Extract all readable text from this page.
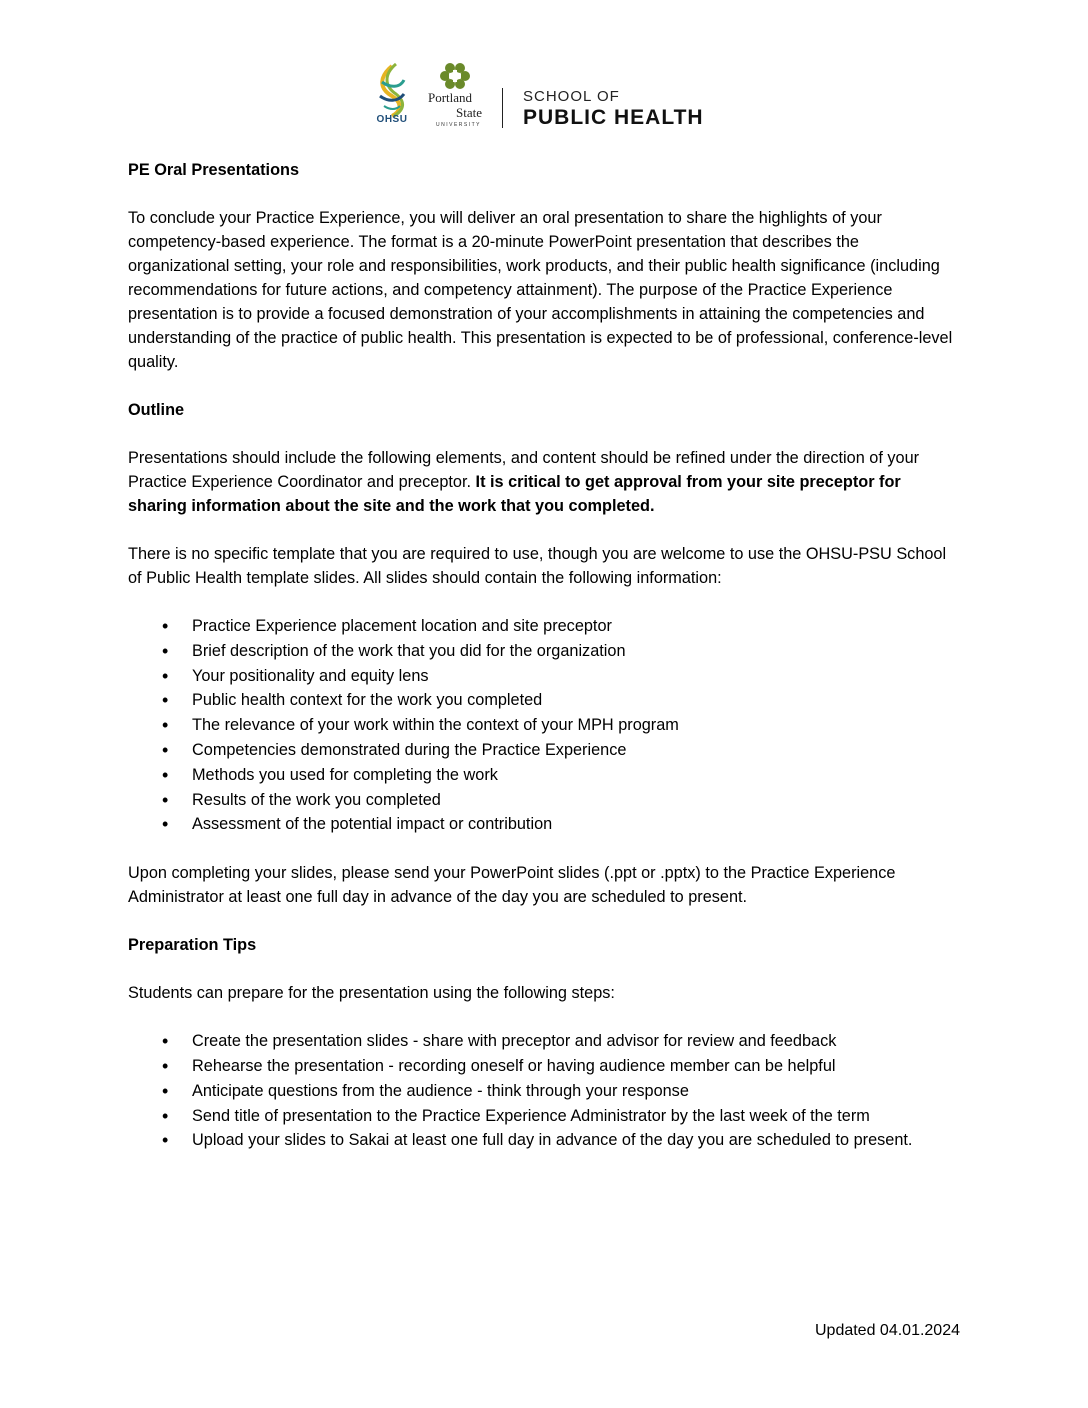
OHSU
Portland
State
UNIVERSITY
SCHOOL OF
PUBLIC HEALTH
PE Oral Presentations

To conclude your Practice Experience, you will deliver an oral presentation to share the highlights of your competency-based experience. The format is a 20-minute PowerPoint presentation that describes the organizational setting, your role and responsibilities, work products, and their public health significance (including recommendations for future actions, and competency attainment). The purpose of the Practice Experience presentation is to provide a focused demonstration of your accomplishments in attaining the competencies and understanding of the practice of public health. This presentation is expected to be of professional, conference-level quality.

Outline

Presentations should include the following elements, and content should be refined under the direction of your Practice Experience Coordinator and preceptor. It is critical to get approval from your site preceptor for sharing information about the site and the work that you completed.

There is no specific template that you are required to use, though you are welcome to use the OHSU-PSU School of Public Health template slides. All slides should contain the following information:

• Practice Experience placement location and site preceptor
• Brief description of the work that you did for the organization
• Your positionality and equity lens
• Public health context for the work you completed
• The relevance of your work within the context of your MPH program
• Competencies demonstrated during the Practice Experience
• Methods you used for completing the work
• Results of the work you completed
• Assessment of the potential impact or contribution

Upon completing your slides, please send your PowerPoint slides (.ppt or .pptx) to the Practice Experience Administrator at least one full day in advance of the day you are scheduled to present.

Preparation Tips

Students can prepare for the presentation using the following steps:

• Create the presentation slides - share with preceptor and advisor for review and feedback
• Rehearse the presentation - recording oneself or having audience member can be helpful
• Anticipate questions from the audience - think through your response
• Send title of presentation to the Practice Experience Administrator by the last week of the term
• Upload your slides to Sakai at least one full day in advance of the day you are scheduled to present.
Updated 04.01.2024
